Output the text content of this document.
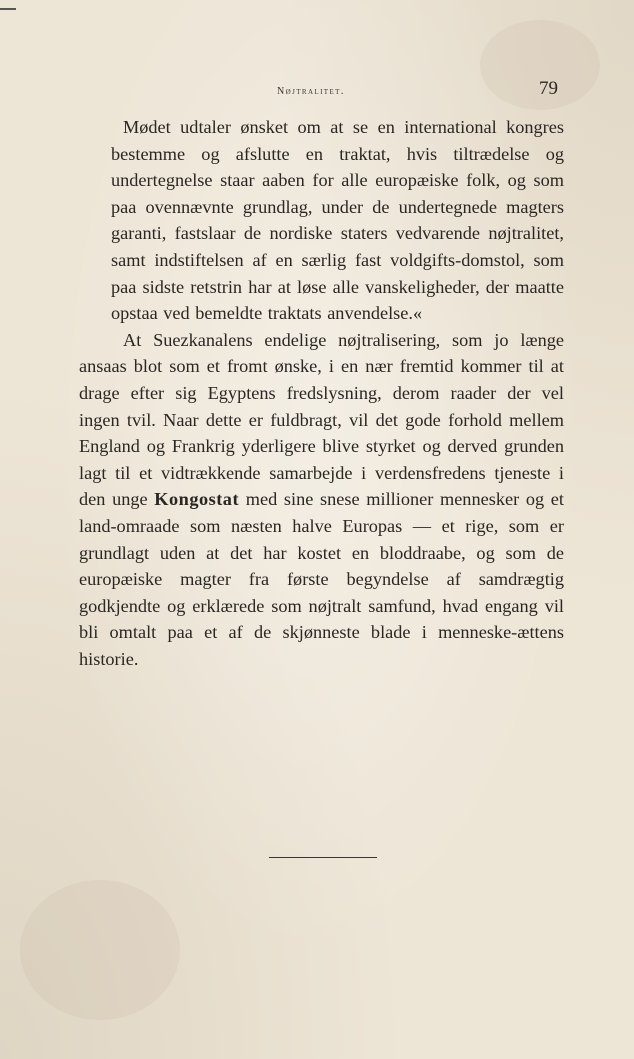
Nøjtralitet.	79

Mødet udtaler ønsket om at se en international kongres bestemme og afslutte en traktat, hvis tiltrædelse og undertegnelse staar aaben for alle europæiske folk, og som paa ovennævnte grundlag, under de undertegnede magters garanti, fastslaar de nordiske staters vedvarende nøjtralitet, samt indstiftelsen af en særlig fast voldgifts-domstol, som paa sidste retstrin har at løse alle vanskeligheder, der maatte opstaa ved bemeldte traktats anvendelse.«

At Suezkanalens endelige nøjtralisering, som jo længe ansaas blot som et fromt ønske, i en nær fremtid kommer til at drage efter sig Egyptens fredslysning, derom raader der vel ingen tvil. Naar dette er fuldbragt, vil det gode forhold mellem England og Frankrig yderligere blive styrket og derved grunden lagt til et vidtrækkende samarbejde i verdensfredens tjeneste i den unge Kongostat med sine snese millioner mennesker og et land-omraade som næsten halve Europas — et rige, som er grundlagt uden at det har kostet en bloddraabe, og som de europæiske magter fra første begyndelse af samdrægtig godkjendte og erklærede som nøjtralt samfund, hvad engang vil bli omtalt paa et af de skjønneste blade i menneske-ættens historie.
